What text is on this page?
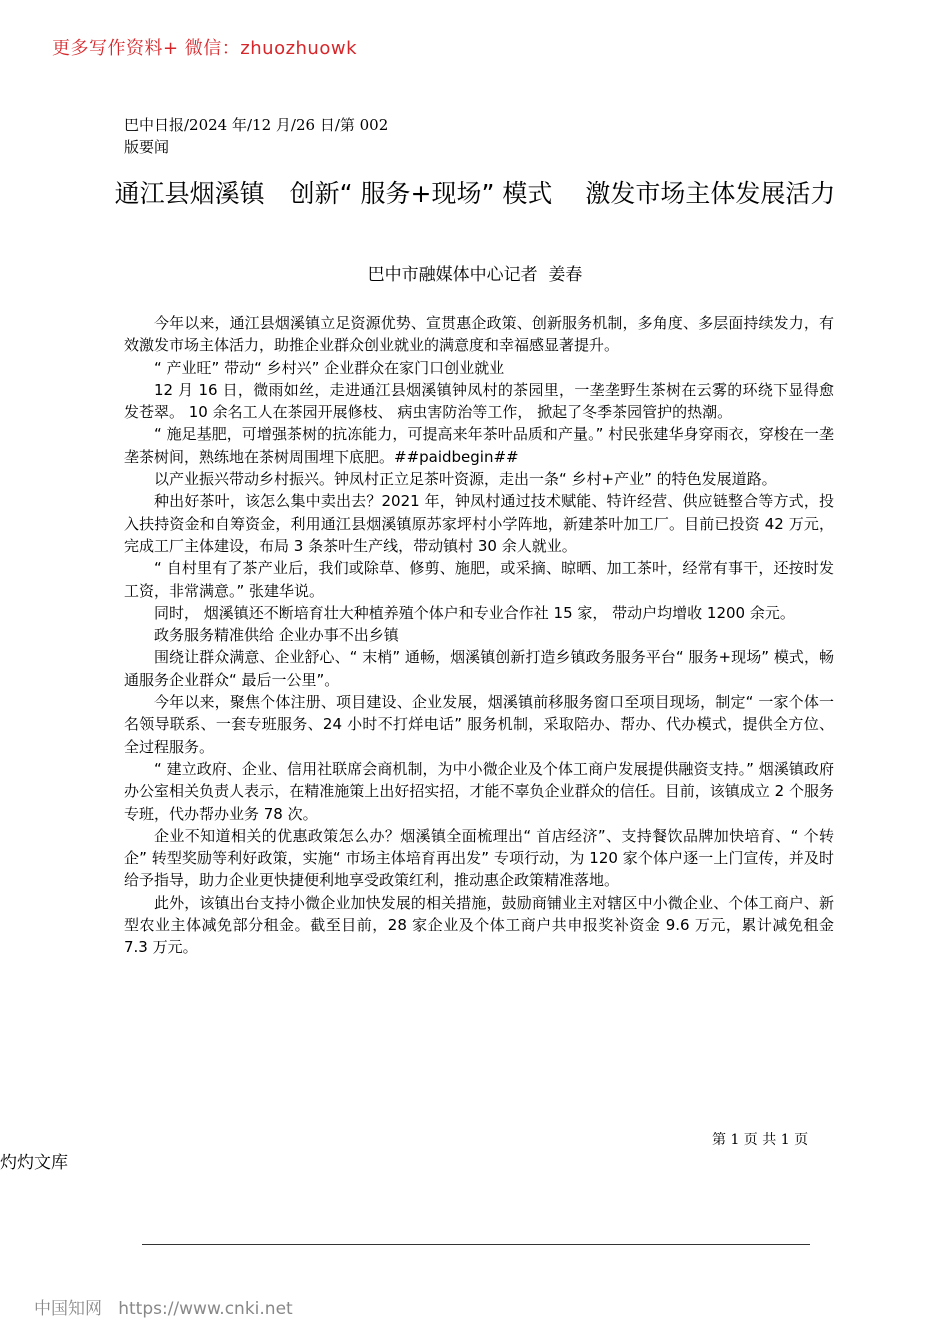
更多写作资料+ 微信：zhuozhuowk
巴中日报/2024 年/12 月/26 日/第 002
版要闻
通江县烟溪镇　创新“ 服务+现场” 模式　 激发市场主体发展活力
巴中市融媒体中心记者  姜春

今年以来，通江县烟溪镇立足资源优势、宣贯惠企政策、创新服务机制，多角度、多层面持续发力，有效激发市场主体活力，助推企业群众创业就业的满意度和幸福感显著提升。

“ 产业旺” 带动“ 乡村兴” 企业群众在家门口创业就业

12 月 16 日，微雨如丝，走进通江县烟溪镇钟凤村的茶园里，一垄垄野生茶树在云雾的环绕下显得愈发苍翠。 10 余名工人在茶园开展修枝、 病虫害防治等工作， 掀起了冬季茶园管护的热潮。

“ 施足基肥，可增强茶树的抗冻能力，可提高来年茶叶品质和产量。” 村民张建华身穿雨衣，穿梭在一垄垄茶树间，熟练地在茶树周围埋下底肥。##paidbegin##

以产业振兴带动乡村振兴。钟凤村正立足茶叶资源，走出一条“ 乡村+产业” 的特色发展道路。

种出好茶叶，该怎么集中卖出去？2021 年，钟凤村通过技术赋能、特许经营、供应链整合等方式，投入扶持资金和自筹资金，利用通江县烟溪镇原苏家坪村小学阵地，新建茶叶加工厂。目前已投资 42 万元，完成工厂主体建设，布局 3 条茶叶生产线，带动镇村 30 余人就业。

“ 自村里有了茶产业后，我们或除草、修剪、施肥，或采摘、晾晒、加工茶叶，经常有事干，还按时发工资，非常满意。” 张建华说。

同时， 烟溪镇还不断培育壮大种植养殖个体户和专业合作社 15 家， 带动户均增收 1200 余元。

政务服务精准供给 企业办事不出乡镇

围绕让群众满意、企业舒心、“ 末梢” 通畅，烟溪镇创新打造乡镇政务服务平台“ 服务+现场” 模式，畅通服务企业群众“ 最后一公里”。

今年以来，聚焦个体注册、项目建设、企业发展，烟溪镇前移服务窗口至项目现场，制定“ 一家个体一名领导联系、一套专班服务、24 小时不打烊电话” 服务机制，采取陪办、帮办、代办模式，提供全方位、全过程服务。

“ 建立政府、企业、信用社联席会商机制，为中小微企业及个体工商户发展提供融资支持。” 烟溪镇政府办公室相关负责人表示，在精准施策上出好招实招，才能不辜负企业群众的信任。目前，该镇成立 2 个服务专班，代办帮办业务 78 次。

企业不知道相关的优惠政策怎么办？烟溪镇全面梳理出“ 首店经济”、支持餐饮品牌加快培育、“ 个转企” 转型奖励等利好政策，实施“ 市场主体培育再出发” 专项行动，为 120 家个体户逐一上门宣传，并及时给予指导，助力企业更快捷便利地享受政策红利，推动惠企政策精准落地。

此外，该镇出台支持小微企业加快发展的相关措施，鼓励商铺业主对辖区中小微企业、个体工商户、新型农业主体减免部分租金。截至目前，28 家企业及个体工商户共申报奖补资金 9.6 万元，累计减免租金 7.3 万元。

第 1 页 共 1 页
灼灼文库
中国知网   https://www.cnki.net
